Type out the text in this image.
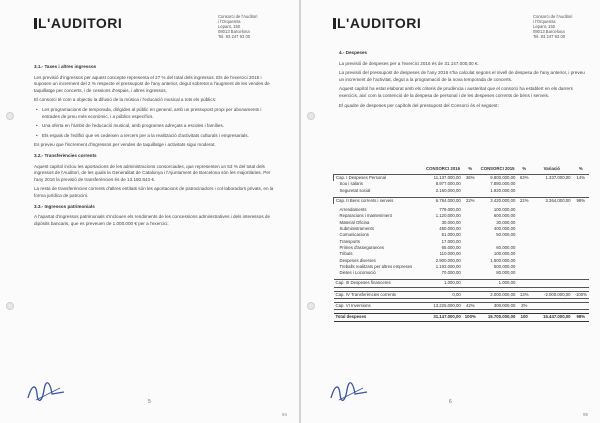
L'AUDITORI	Consorci de l'Auditori
i l'Orquestra
Lepant, 150
08013 Barcelona
Tel. 93 247 93 00

3.1.- Taxes i altres ingressos

Les previsió d'ingressos per aquest concepte representa el 27 % del total dels ingressos. Els de l'exercici 2015 i suposen un increment del 2 % respecte el pressupost de l'any anterior, degut sobretot a l'augment de les vendes de taquillatge per concerts, i de cessions d'espais, i altres ingressos.

El consorci té com a objectiu la difusió de la música i l'educació musical a tots els públics:

• Les programacions de temporada, dirigides al públic en general, amb un pressupost propi per abonaments i entrades de preu més econòmic, i a públics específics.

• Una oferta en l'àmbit de l'educació musical, amb programes adreçats a escoles i famílies.

• Els espais de l'edifici que es cedeixen a tercers per a la realització d'activitats culturals i empresarials.

Es preveu que l'increment d'ingressos per vendes de taquillatge i activitats sigui moderat.

3.2.- Transferències corrents

Aquest capítol inclou les aportacions de les administracions consorciades, que representen un 53 % del total dels ingressos de l'Auditori, de les quals la Generalitat de Catalunya i l'Ajuntament de Barcelona són les majoritàries. Per l'any 2016 la previsió de transferències és de 13.150.843 €.

La resta de transferències corrents d'altres entitats són les aportacions de patrocinadors i col·laboradors privats, en la forma jurídica de patrocini.

3.3.- Ingressos patrimonials

A l'apartat d'ingressos patrimonials s'inclouen els rendiments de les concessions administratives i dels interessos de dipòsits bancaris, que es preveuen de 1.000.000 € per a l'exercici.

5
94
L'AUDITORI	Consorci de l'Auditori
i l'Orquestra
Lepant, 150
08013 Barcelona
Tel. 93 247 93 00

4.- Despeses

La previsió de despeses per a l'exercici 2016 és de 31.147.000,00 €.

La previsió del pressupost de despeses de l'any 2016 s'ha calculat segons el nivell de despesa de l'any anterior, i preveu un increment de l'activitat, degut a la programació de la nova temporada de concerts.

Aquest capítol ha estat elaborat amb els criteris de prudència i austeritat que el consorci ha establert en els darrers exercicis, així com la contenció de la despesa de personal i de les despeses corrents de béns i serveis.

El quadre de despeses per capítols del pressupost del Consorci és el següent:

	CONSORCI 2016	%	CONSORCI 2015	%	Variació	%
Cap. I Despeses Personal	11.137.000,00	36%	9.800.000,00	63%	1.337.000,00	14%
Sou i salaris	8.977.000,00		7.880.000,00			
Seguretat social	2.160.000,00		1.920.000,00			

Cap. II Bens corrents i serveis	6.784.000,00	22%	3.420.000,00	22%	3.364.000,00	98%

Arrendaments	779.000,00		100.000,00			
Reparacions i manteniment	1.120.000,00		600.000,00			
Material Oficina	30.000,00		30.000,00			
Subministraments	450.000,00		400.000,00			
Comunicacions	51.000,00		50.000,00			
Transports	17.000,00					
Primes d'assegurances	65.000,00		60.000,00			
Tributs	110.000,00		100.000,00			
Despeses diverses	2.900.000,00		1.500.000,00			
Treballs realitzats per altres empreses	1.192.000,00		500.000,00			
Dietes i Locomoció	70.000,00		80.000,00			

Cap. III Despeses financeres	1.000,00		1.000,00			

Cap. IV Transferències corrents	0,00		2.000.000,00	13%	-2.000.000,00	-100%

Cap. VI Inversions	13.225.000,00	42%	300.000,00	2%		

Total despeses	31.147.000,00	100%	15.700.000,00	100	15.447.000,00	98%
6
95
